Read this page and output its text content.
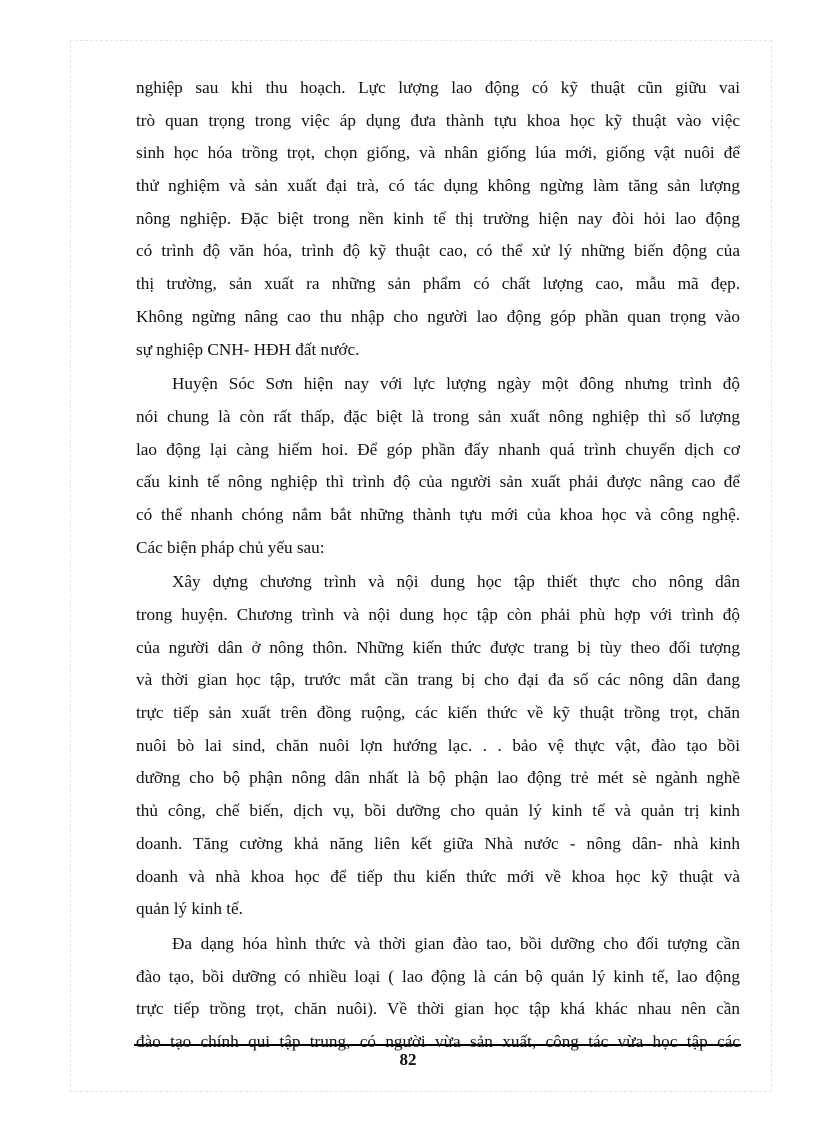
nghiệp sau khi thu hoạch. Lực lượng lao động có kỹ thuật cũn giữu vai
trò quan trọng trong việc áp dụng đưa thành tựu khoa học kỹ thuật vào việc
sinh học hóa trồng trọt, chọn giống, và nhân giống lúa mới, giống vật nuôi để
thử nghiệm và sản xuất đại trà, có tác dụng không ngừng làm tăng sản lượng
nông nghiệp. Đặc biệt trong nền kinh tế thị trường hiện nay đòi hỏi lao động
có trình độ văn hóa, trình độ kỹ thuật cao, có thể xử lý những biến động của
thị trường, sản xuất ra những sản phẩm có chất lượng cao, mẫu mã đẹp.
Không ngừng nâng cao thu nhập cho người lao động góp phần quan trọng vào
sự nghiệp CNH- HĐH đất nước.
Huyện Sóc Sơn hiện nay với lực lượng ngày một đông nhưng trình độ
nói chung là còn rất thấp, đặc biệt là trong sản xuất nông nghiệp thì số lượng
lao động lại càng hiếm hoi. Để góp phần đẩy nhanh quá trình chuyển dịch cơ
cấu kinh tế nông nghiệp thì trình độ của người sản xuất phải được nâng cao để
có thể nhanh chóng nắm bắt những thành tựu mới của khoa học và công nghệ.
Các biện pháp chủ yếu sau:
Xây dựng chương trình và nội dung học tập thiết thực cho nông dân
trong huyện. Chương trình và nội dung học tập còn phải phù hợp với trình độ
của người dân ở nông thôn. Những kiến thức được trang bị tùy theo đối tượng
và thời gian học tập, trước mắt cần trang bị cho đại đa số các nông dân đang
trực tiếp sản xuất trên đồng ruộng, các kiến thức về kỹ thuật trồng trọt, chăn
nuôi bò lai sind, chăn nuôi lợn hướng lạc. . . bảo vệ thực vật, đào tạo bồi
dưỡng cho bộ phận nông dân nhất là bộ phận lao động trẻ mét sè ngành nghề
thủ công, chế biến, dịch vụ, bồi dưỡng cho quản lý kinh tế và quản trị kinh
doanh. Tăng cường khả năng liên kết giữa Nhà nước - nông dân- nhà kinh
doanh và nhà khoa học để tiếp thu kiến thức mới về khoa học kỹ thuật và
quản lý kinh tế.
Đa dạng hóa hình thức và thời gian đào tao, bồi dưỡng cho đối tượng cần
đào tạo, bồi dưỡng có nhiều loại ( lao động là cán bộ quản lý kinh tế, lao động
trực tiếp trồng trọt, chăn nuôi). Về thời gian học tập khá khác nhau nên cần
đào tạo chính qui tập trung, có người vừa sản xuất, công tác vừa học tập các
82
